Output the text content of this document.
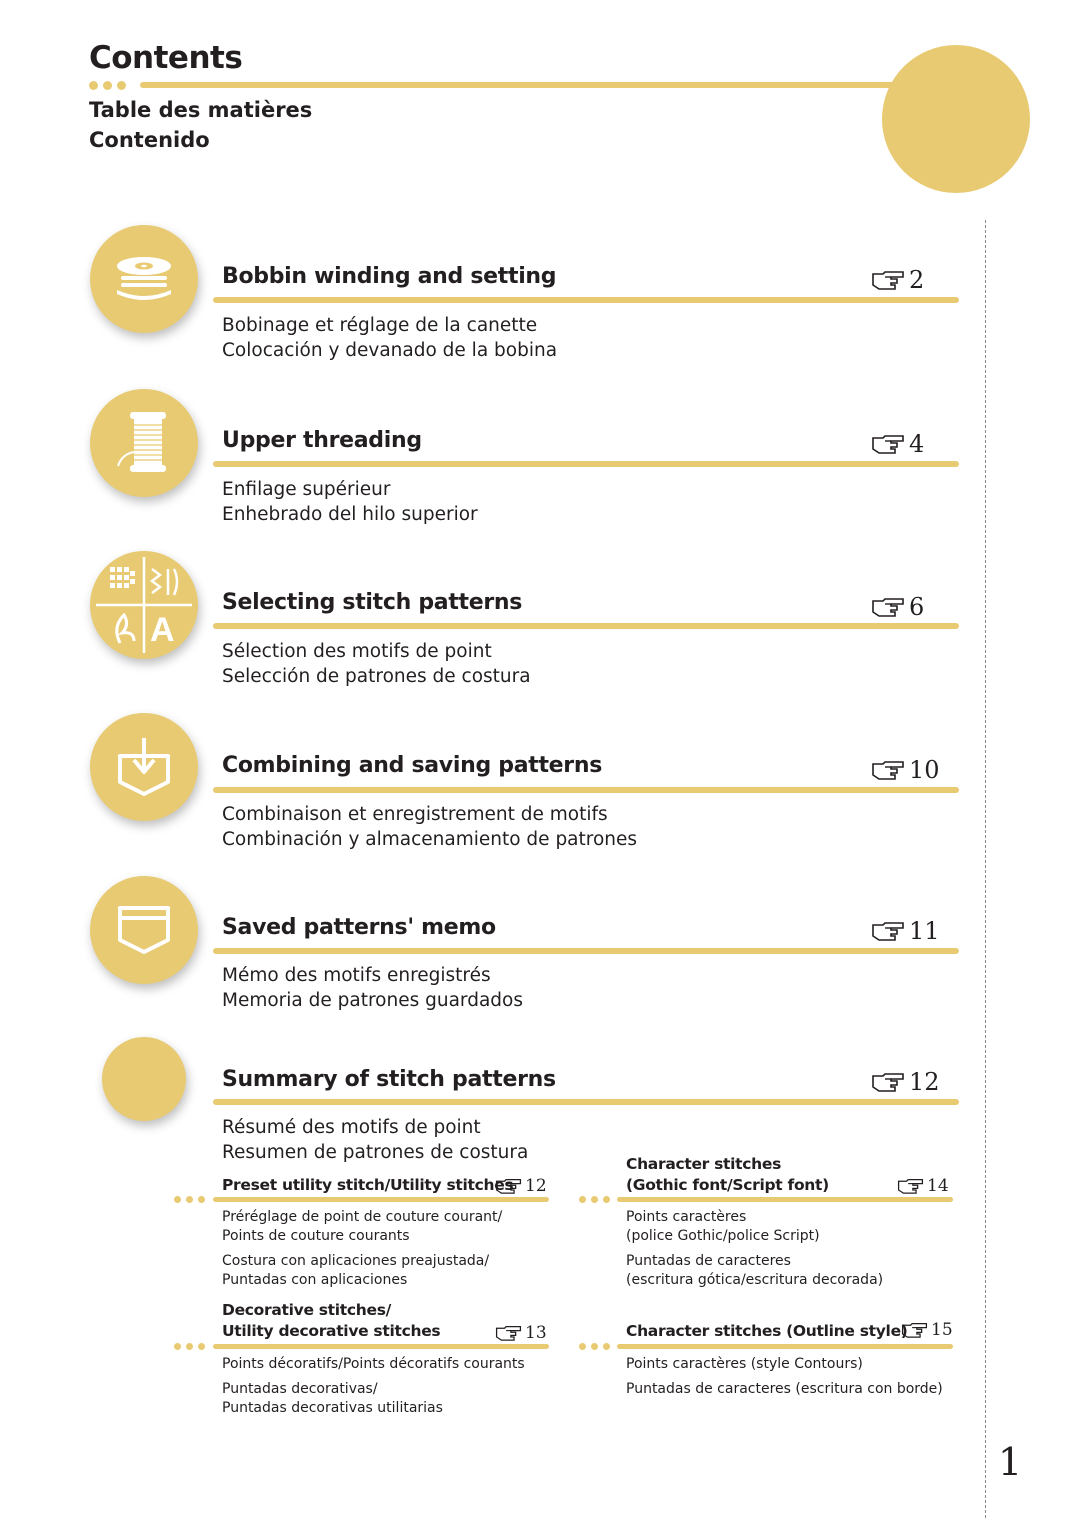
Contents
Table des matières
Contenido
Bobbin winding and setting	2
Bobinage et réglage de la canette
Colocación y devanado de la bobina
Upper threading	4
Enfilage supérieur
Enhebrado del hilo superior
A
Selecting stitch patterns	6
Sélection des motifs de point
Selección de patrones de costura
Combining and saving patterns	10
Combinaison et enregistrement de motifs
Combinación y almacenamiento de patrones
Saved patterns' memo	11
Mémo des motifs enregistrés
Memoria de patrones guardados
Summary of stitch patterns	12
Résumé des motifs de point
Resumen de patrones de costura
Preset utility stitch/Utility stitches 12
Préréglage de point de couture courant/
Points de couture courants
Costura con aplicaciones preajustada/
Puntadas con aplicaciones
Decorative stitches/
Utility decorative stitches	13
Points décoratifs/Points décoratifs courants
Puntadas decorativas/
Puntadas decorativas utilitarias
Character stitches
(Gothic font/Script font)	14
Points caractères
(police Gothic/police Script)
Puntadas de caracteres
(escritura gótica/escritura decorada)
Character stitches (Outline style) 15
Points caractères (style Contours)
Puntadas de caracteres (escritura con borde)
1
